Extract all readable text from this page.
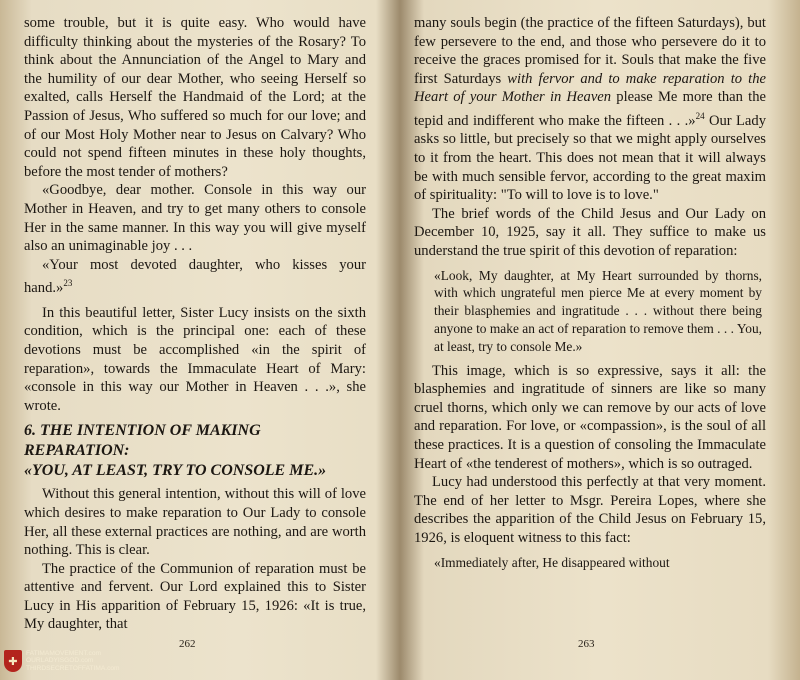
some trouble, but it is quite easy. Who would have difficulty thinking about the mysteries of the Rosary? To think about the Annunciation of the Angel to Mary and the humility of our dear Mother, who seeing Herself so exalted, calls Herself the Handmaid of the Lord; at the Passion of Jesus, Who suffered so much for our love; and of our Most Holy Mother near to Jesus on Calvary? Who could not spend fifteen minutes in these holy thoughts, before the most tender of mothers?

«Goodbye, dear mother. Console in this way our Mother in Heaven, and try to get many others to console Her in the same manner. In this way you will give myself also an unimaginable joy . . .

«Your most devoted daughter, who kisses your hand.»$^{23}$

In this beautiful letter, Sister Lucy insists on the sixth condition, which is the principal one: each of these devotions must be accomplished «in the spirit of reparation», towards the Immaculate Heart of Mary: «console in this way our Mother in Heaven . . .», she wrote.

6. THE INTENTION OF MAKING REPARATION:
«YOU, AT LEAST, TRY TO CONSOLE ME.»

Without this general intention, without this will of love which desires to make reparation to Our Lady to console Her, all these external practices are nothing, and are worth nothing. This is clear.

The practice of the Communion of reparation must be attentive and fervent. Our Lord explained this to Sister Lucy in His apparition of February 15, 1926: «It is true, My daughter, that

262

many souls begin (the practice of the fifteen Saturdays), but few persevere to the end, and those who persevere do it to receive the graces promised for it. Souls that make the five first Saturdays with fervor and to make reparation to the Heart of your Mother in Heaven please Me more than the tepid and indifferent who make the fifteen . . .»$^{24}$ Our Lady asks so little, but precisely so that we might apply ourselves to it from the heart. This does not mean that it will always be with much sensible fervor, according to the great maxim of spirituality: "To will to love is to love."

The brief words of the Child Jesus and Our Lady on December 10, 1925, say it all. They suffice to make us understand the true spirit of this devotion of reparation:

«Look, My daughter, at My Heart surrounded by thorns, with which ungrateful men pierce Me at every moment by their blasphemies and ingratitude . . . without there being anyone to make an act of reparation to remove them . . . You, at least, try to console Me.»

This image, which is so expressive, says it all: the blasphemies and ingratitude of sinners are like so many cruel thorns, which only we can remove by our acts of love and reparation. For love, or «compassion», is the soul of all these practices. It is a question of consoling the Immaculate Heart of «the tenderest of mothers», which is so outraged.

Lucy had understood this perfectly at that very moment. The end of her letter to Msgr. Pereira Lopes, where she describes the apparition of the Child Jesus on February 15, 1926, is eloquent witness to this fact:

«Immediately after, He disappeared without

263
✚
FATIMAMOVEMENT.com
OURLADYISGOD.com
THIRDSECRETOFFATIMA.com
